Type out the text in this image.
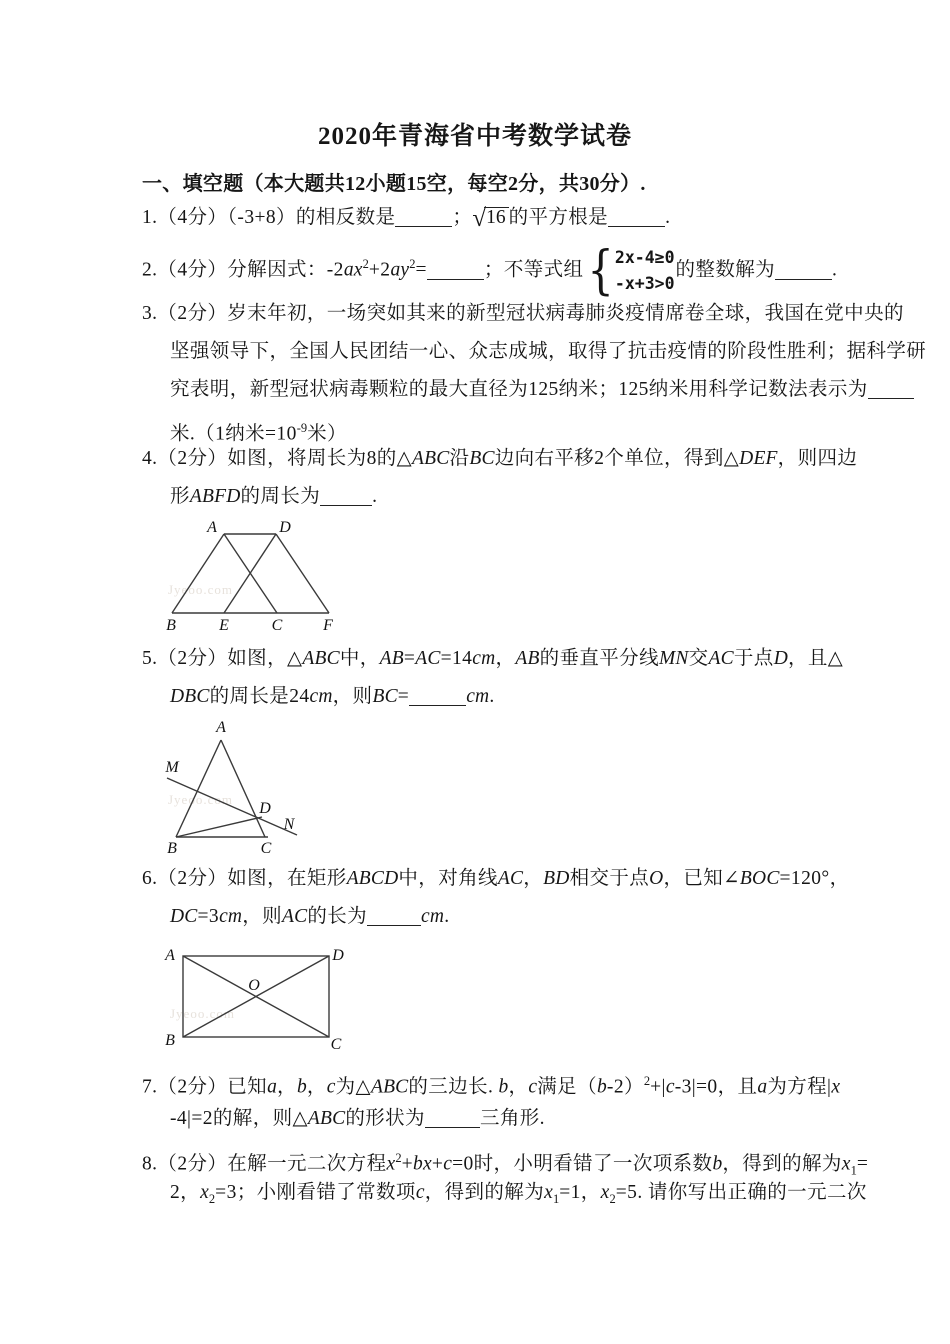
2020年青海省中考数学试卷
一、填空题（本大题共12小题15空，每空2分，共30分）.
1.（4分）（-3+8）的相反数是	；√16 的平方根是	.
2.（4分）分解因式：$-2ax^2+2ay^2=$	；不等式组 { 2x-4≥0
-x+3>0
的整数解为	.
3.（2分）岁末年初，一场突如其来的新型冠状病毒肺炎疫情席卷全球，我国在党中央的
坚强领导下，全国人民团结一心、众志成城，取得了抗击疫情的阶段性胜利；据科学研
究表明，新型冠状病毒颗粒的最大直径为125纳米；125纳米用科学记数法表示为
米.（1纳米$=10^{-9}$米）
4.（2分）如图，将周长为8的△ABC沿BC边向右平移2个单位，得到△DEF，则四边
形ABFD的周长为	.
Jyeoo.com
A	D
B	E	C	F
5.（2分）如图，△ABC中，AB=AC=14cm，AB的垂直平分线MN交AC于点D，且△
DBC的周长是24cm，则BC=	cm.
Jyeoo.com
A
M
B	C
D
N
6.（2分）如图，在矩形ABCD中，对角线AC，BD相交于点O，已知∠BOC=120°，
DC=3cm，则AC的长为	cm.
Jyeoo.com
A	D
B	C
O
7.（2分）已知a，b，c为△ABC的三边长. b，c满足$(b-2)^2+|c-3|=0$，且a为方程|x
-4|=2的解，则△ABC的形状为	三角形.
8.（2分）在解一元二次方程$x^2+bx+c=0$时，小明看错了一次项系数b，得到的解为$x_1=$
2，$x_2=3$；小刚看错了常数项c，得到的解为$x_1=1$，$x_2=5$. 请你写出正确的一元二次
